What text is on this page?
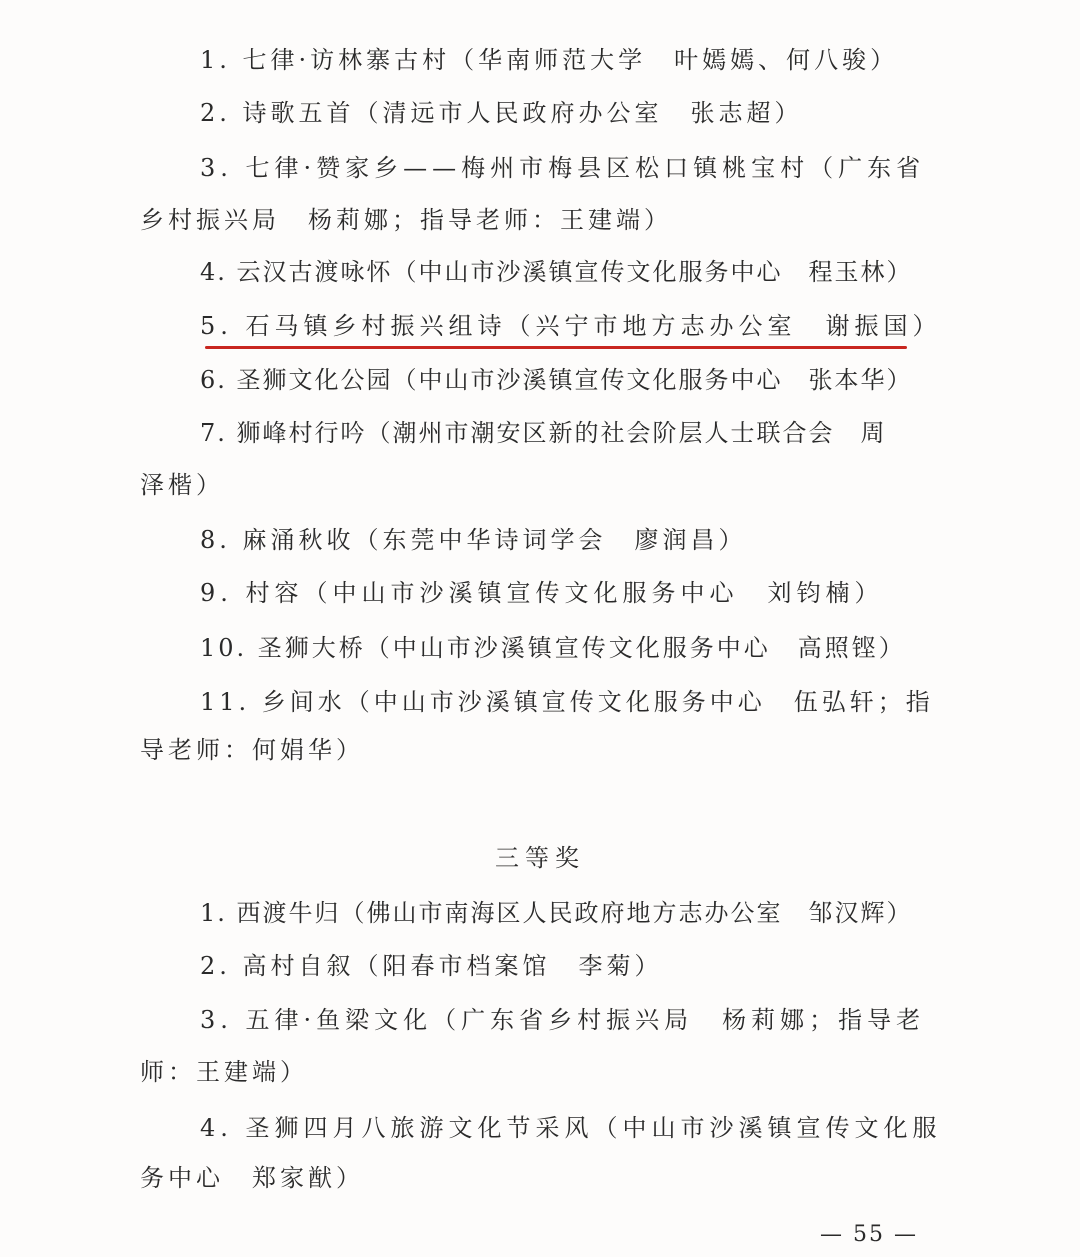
1. 七律·访林寨古村（华南师范大学　叶嫣嫣、何八骏）
2. 诗歌五首（清远市人民政府办公室　张志超）
3. 七律·赞家乡——梅州市梅县区松口镇桃宝村（广东省
乡村振兴局　杨莉娜；指导老师：王建端）
4. 云汉古渡咏怀（中山市沙溪镇宣传文化服务中心　程玉林）
5. 石马镇乡村振兴组诗（兴宁市地方志办公室　谢振国）
6. 圣狮文化公园（中山市沙溪镇宣传文化服务中心　张本华）
7. 狮峰村行吟（潮州市潮安区新的社会阶层人士联合会　周
泽楷）
8. 麻涌秋收（东莞中华诗词学会　廖润昌）
9. 村容（中山市沙溪镇宣传文化服务中心　刘钧楠）
10. 圣狮大桥（中山市沙溪镇宣传文化服务中心　高照铿）
11. 乡间水（中山市沙溪镇宣传文化服务中心　伍弘轩；指
导老师：何娟华）
三等奖
1. 西渡牛归（佛山市南海区人民政府地方志办公室　邹汉辉）
2. 高村自叙（阳春市档案馆　李菊）
3. 五律·鱼梁文化（广东省乡村振兴局　杨莉娜；指导老
师：王建端）
4. 圣狮四月八旅游文化节采风（中山市沙溪镇宣传文化服
务中心　郑家猷）
— 55 —
